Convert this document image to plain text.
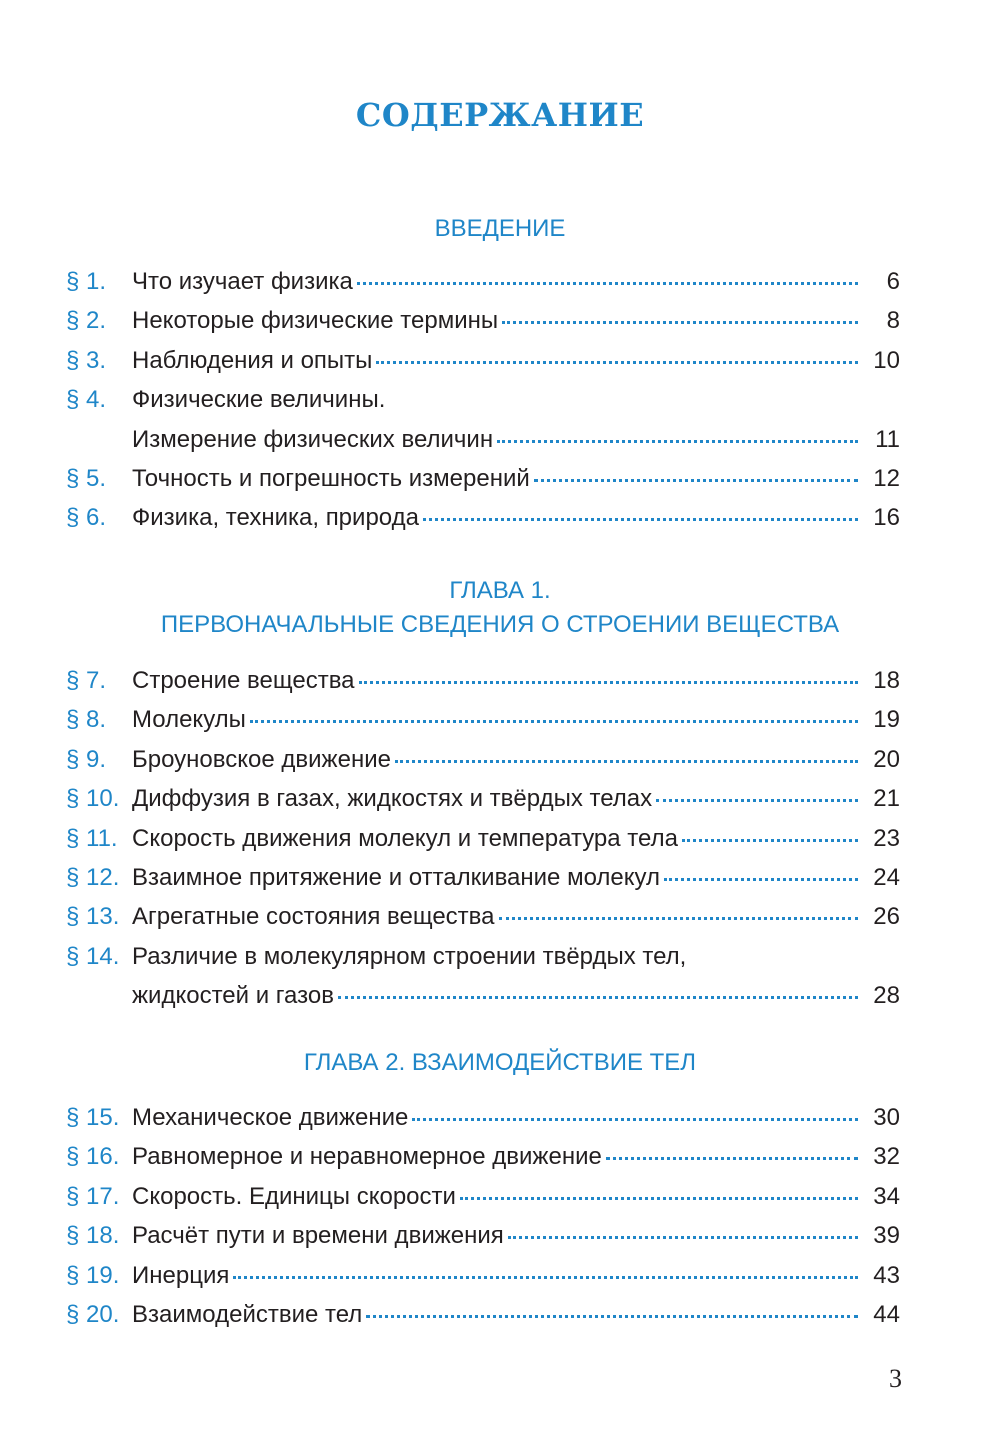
СОДЕРЖАНИЕ
ВВЕДЕНИЕ
§ 1. Что изучает физика	6
§ 2. Некоторые физические термины	8
§ 3. Наблюдения и опыты	10
§ 4. Физические величины.
Измерение физических величин	11
§ 5. Точность и погрешность измерений	12
§ 6. Физика, техника, природа	16
ГЛАВА 1.
ПЕРВОНАЧАЛЬНЫЕ СВЕДЕНИЯ О СТРОЕНИИ ВЕЩЕСТВА
§ 7. Строение вещества	18
§ 8. Молекулы	19
§ 9. Броуновское движение	20
§ 10. Диффузия в газах, жидкостях и твёрдых телах	21
§ 11. Скорость движения молекул и температура тела	23
§ 12. Взаимное притяжение и отталкивание молекул	24
§ 13. Агрегатные состояния вещества	26
§ 14. Различие в молекулярном строении твёрдых тел,
жидкостей и газов	28
ГЛАВА 2. ВЗАИМОДЕЙСТВИЕ ТЕЛ
§ 15. Механическое движение	30
§ 16. Равномерное и неравномерное движение	32
§ 17. Скорость. Единицы скорости	34
§ 18. Расчёт пути и времени движения	39
§ 19. Инерция	43
§ 20. Взаимодействие тел	44
3
